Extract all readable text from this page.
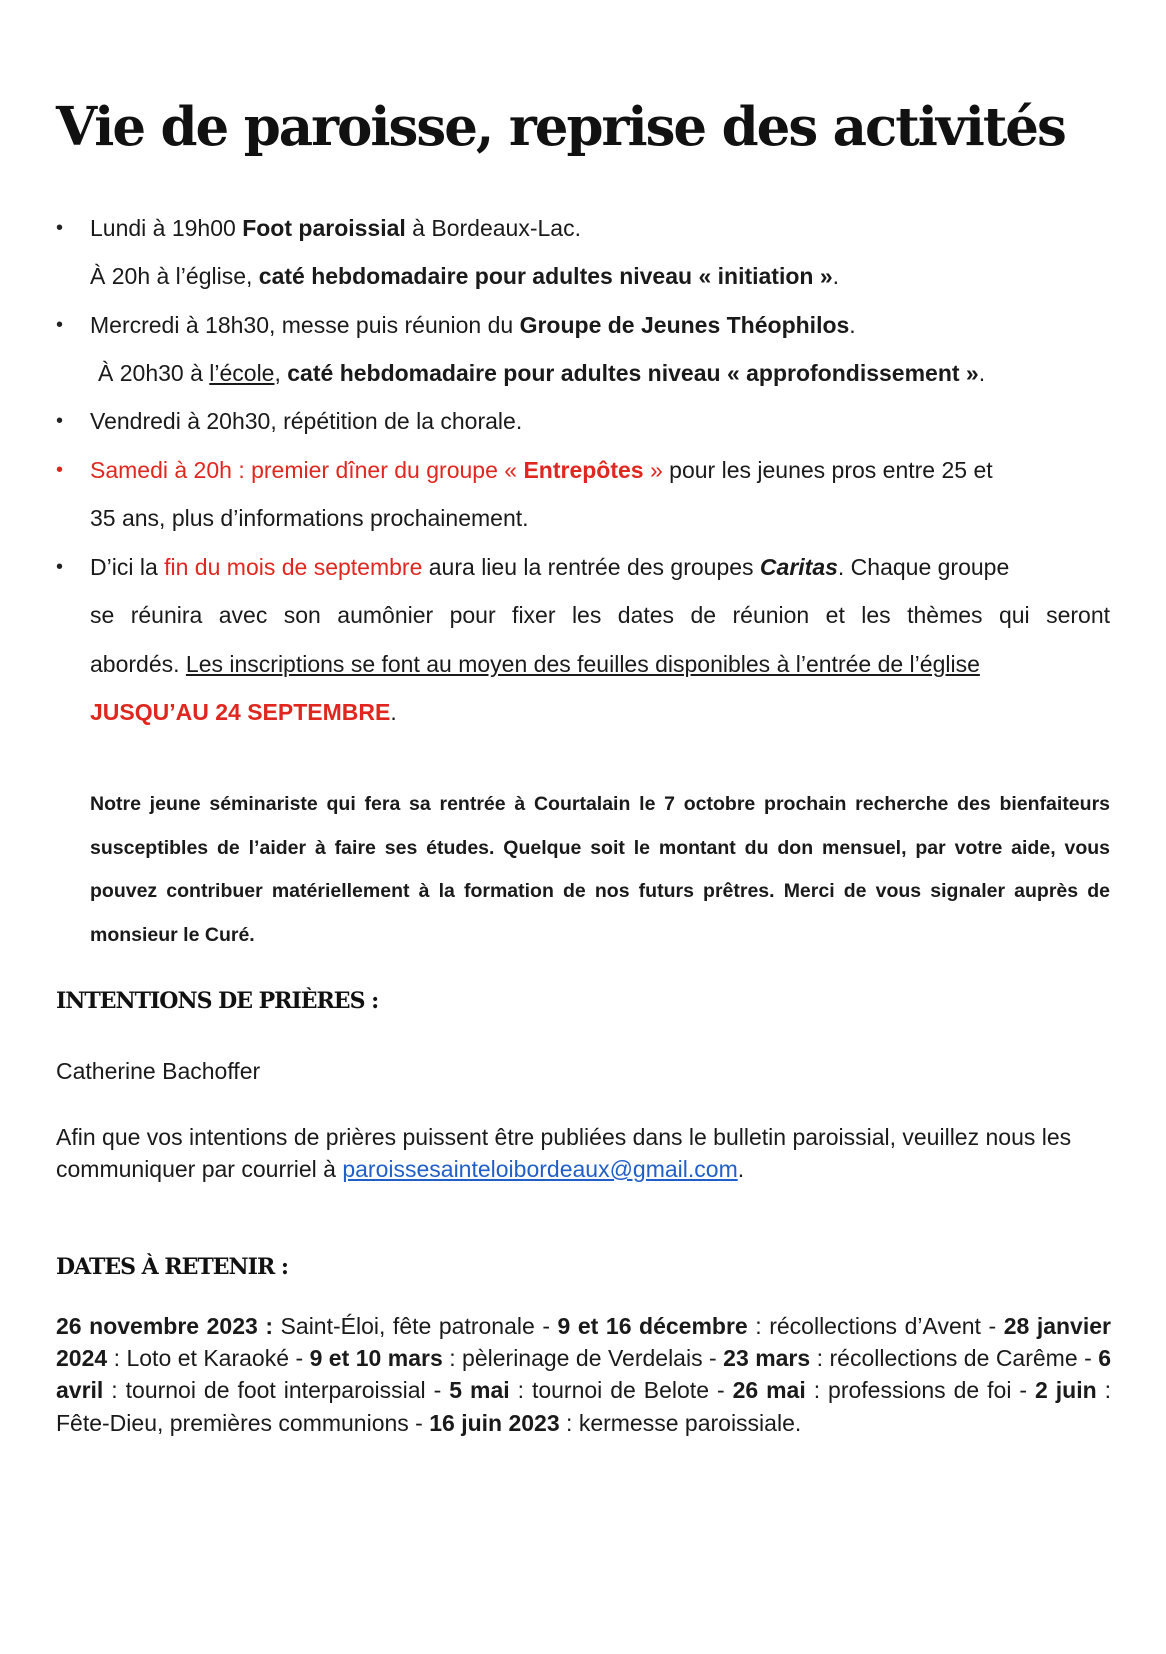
Vie de paroisse, reprise des activités
•	Lundi à 19h00 Foot paroissial à Bordeaux-Lac.
À 20h à l’église, caté hebdomadaire pour adultes niveau « initiation ».
•	Mercredi à 18h30, messe puis réunion du Groupe de Jeunes Théophilos.
À 20h30 à l’école, caté hebdomadaire pour adultes niveau « approfondissement ».
•	Vendredi à 20h30, répétition de la chorale.
•	Samedi à 20h : premier dîner du groupe « Entrepôtes » pour les jeunes pros entre 25 et
35 ans, plus d’informations prochainement.
•	D’ici la fin du mois de septembre aura lieu la rentrée des groupes Caritas. Chaque groupe
se réunira avec son aumônier pour fixer les dates de réunion et les thèmes qui seront
abordés. Les inscriptions se font au moyen des feuilles disponibles à l’entrée de l’église
JUSQU’AU 24 SEPTEMBRE.

Notre jeune séminariste qui fera sa rentrée à Courtalain le 7 octobre prochain recherche des bienfaiteurs susceptibles de l’aider à faire ses études. Quelque soit le montant du don mensuel, par votre aide, vous pouvez contribuer matériellement à la formation de nos futurs prêtres. Merci de vous signaler auprès de monsieur le Curé.

INTENTIONS DE PRIÈRES :

Catherine Bachoffer

Afin que vos intentions de prières puissent être publiées dans le bulletin paroissial, veuillez nous les communiquer par courriel à paroissesainteloibordeaux@gmail.com.

DATES À RETENIR :

26 novembre 2023 : Saint-Éloi, fête patronale - 9 et 16 décembre : récollections d’Avent - 28 janvier 2024 : Loto et Karaoké - 9 et 10 mars : pèlerinage de Verdelais - 23 mars : récollections de Carême - 6 avril : tournoi de foot interparoissial - 5 mai : tournoi de Belote - 26 mai : professions de foi - 2 juin : Fête-Dieu, premières communions - 16 juin 2023 : kermesse paroissiale.
